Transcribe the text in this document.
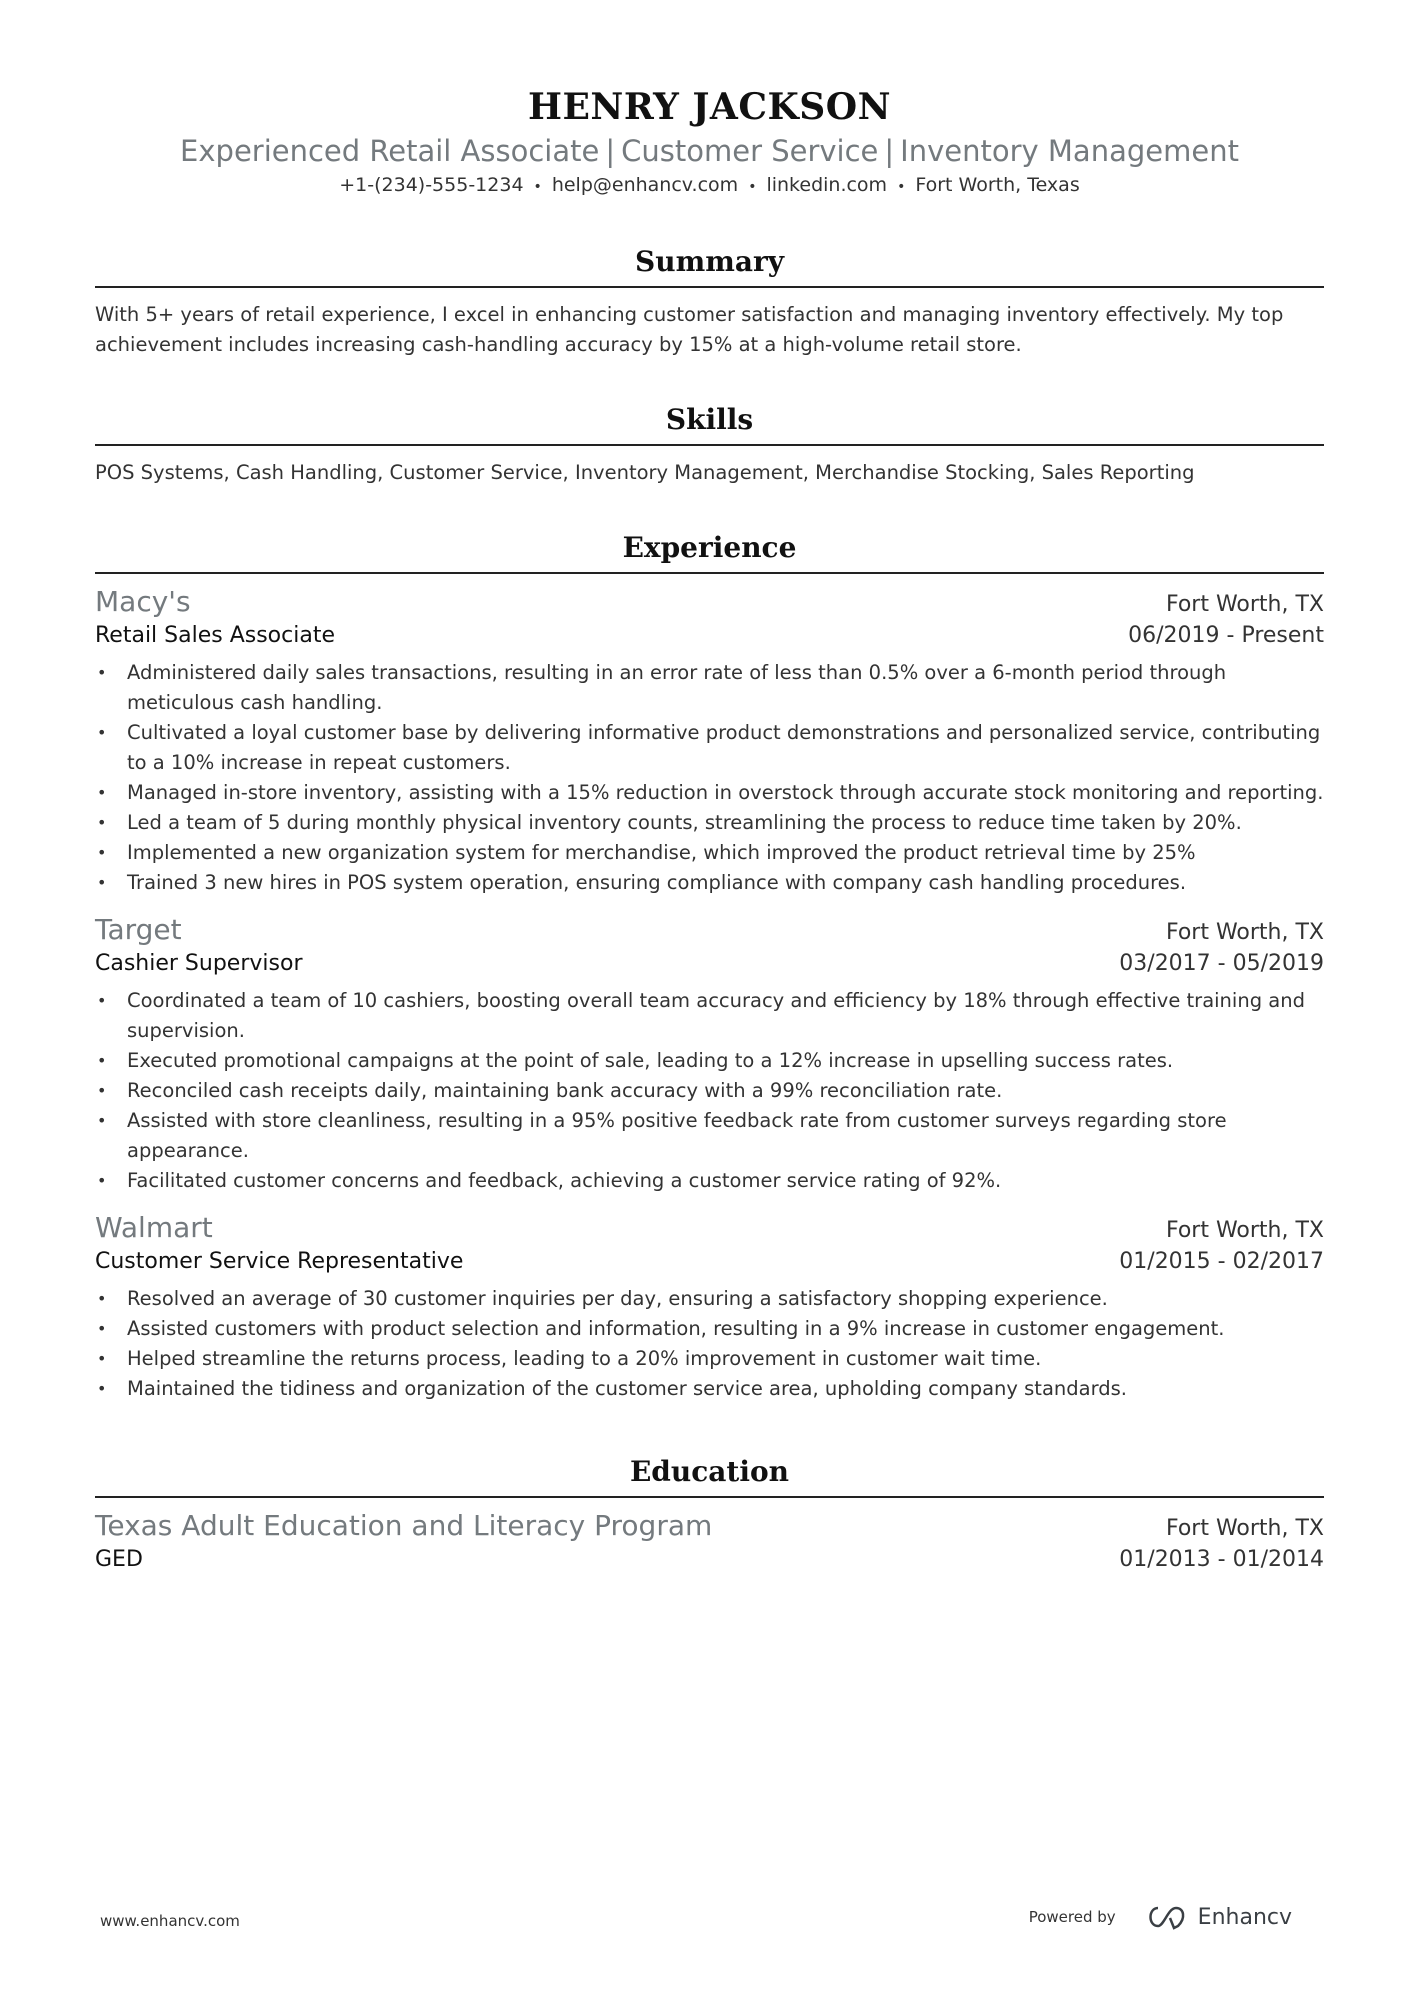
HENRY JACKSON
Experienced Retail Associate | Customer Service | Inventory Management
+1-(234)-555-1234 • help@enhancv.com • linkedin.com • Fort Worth, Texas
Summary
With 5+ years of retail experience, I excel in enhancing customer satisfaction and managing inventory effectively. My top achievement includes increasing cash-handling accuracy by 15% at a high-volume retail store.
Skills
POS Systems, Cash Handling, Customer Service, Inventory Management, Merchandise Stocking, Sales Reporting
Experience
Macy's	Fort Worth, TX
Retail Sales Associate	06/2019 - Present
• Administered daily sales transactions, resulting in an error rate of less than 0.5% over a 6-month period through meticulous cash handling.
• Cultivated a loyal customer base by delivering informative product demonstrations and personalized service, contributing to a 10% increase in repeat customers.
• Managed in-store inventory, assisting with a 15% reduction in overstock through accurate stock monitoring and reporting.
• Led a team of 5 during monthly physical inventory counts, streamlining the process to reduce time taken by 20%.
• Implemented a new organization system for merchandise, which improved the product retrieval time by 25%
• Trained 3 new hires in POS system operation, ensuring compliance with company cash handling procedures.
Target	Fort Worth, TX
Cashier Supervisor	03/2017 - 05/2019
• Coordinated a team of 10 cashiers, boosting overall team accuracy and efficiency by 18% through effective training and supervision.
• Executed promotional campaigns at the point of sale, leading to a 12% increase in upselling success rates.
• Reconciled cash receipts daily, maintaining bank accuracy with a 99% reconciliation rate.
• Assisted with store cleanliness, resulting in a 95% positive feedback rate from customer surveys regarding store appearance.
• Facilitated customer concerns and feedback, achieving a customer service rating of 92%.
Walmart	Fort Worth, TX
Customer Service Representative	01/2015 - 02/2017
• Resolved an average of 30 customer inquiries per day, ensuring a satisfactory shopping experience.
• Assisted customers with product selection and information, resulting in a 9% increase in customer engagement.
• Helped streamline the returns process, leading to a 20% improvement in customer wait time.
• Maintained the tidiness and organization of the customer service area, upholding company standards.
Education
Texas Adult Education and Literacy Program	Fort Worth, TX
GED	01/2013 - 01/2014
www.enhancv.com	Powered by	Enhancv
